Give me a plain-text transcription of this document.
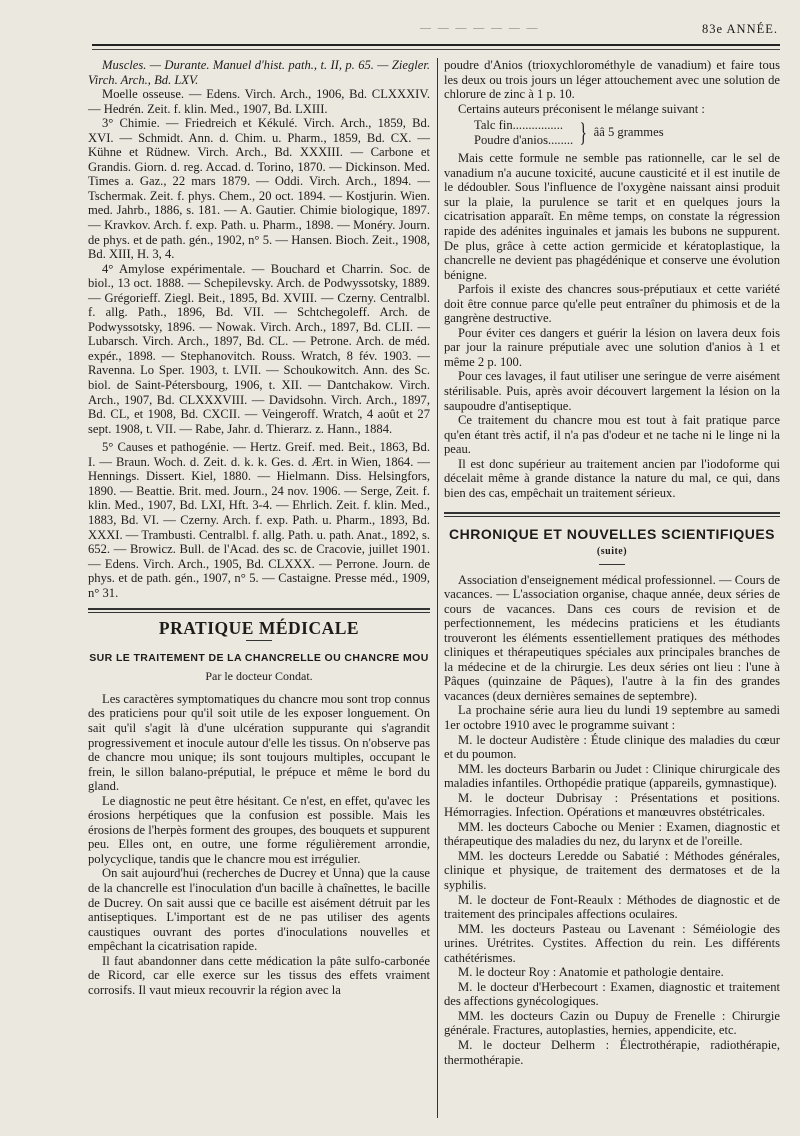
— — — — — — —	83e ANNÉE.

Muscles. — Durante. Manuel d'hist. path., t. II, p. 65. — Ziegler. Virch. Arch., Bd. LXV.

Moelle osseuse. — Edens. Virch. Arch., 1906, Bd. CLXXXIV. — Hedrén. Zeit. f. klin. Med., 1907, Bd. LXIII.

3° Chimie. — Friedreich et Kékulé. Virch. Arch., 1859, Bd. XVI. — Schmidt. Ann. d. Chim. u. Pharm., 1859, Bd. CX. — Kühne et Rüdnew. Virch. Arch., Bd. XXXIII. — Carbone et Grandis. Giorn. d. reg. Accad. d. Torino, 1870. — Dickinson. Med. Times a. Gaz., 22 mars 1879. — Oddi. Virch. Arch., 1894. — Tschermak. Zeit. f. phys. Chem., 20 oct. 1894. — Kostjurin. Wien. med. Jahrb., 1886, s. 181. — A. Gautier. Chimie biologique, 1897. — Kravkov. Arch. f. exp. Path. u. Pharm., 1898. — Monéry. Journ. de phys. et de path. gén., 1902, n° 5. — Hansen. Bioch. Zeit., 1908, Bd. XIII, H. 3, 4.

4° Amylose expérimentale. — Bouchard et Charrin. Soc. de biol., 13 oct. 1888. — Schepilevsky. Arch. de Podwyssotsky, 1889. — Grégorieff. Ziegl. Beit., 1895, Bd. XVIII. — Czerny. Centralbl. f. allg. Path., 1896, Bd. VII. — Schtchegoleff. Arch. de Podwyssotsky, 1896. — Nowak. Virch. Arch., 1897, Bd. CLII. — Lubarsch. Virch. Arch., 1897, Bd. CL. — Petrone. Arch. de méd. expér., 1898. — Stephanovitch. Rouss. Wratch, 8 fév. 1903. — Ravenna. Lo Sper. 1903, t. LVII. — Schoukowitch. Ann. des Sc. biol. de Saint-Pétersbourg, 1906, t. XII. — Dantchakow. Virch. Arch., 1907, Bd. CLXXXVIII. — Davidsohn. Virch. Arch., 1897, Bd. CL, et 1908, Bd. CXCII. — Veingeroff. Wratch, 4 août et 27 sept. 1908, t. VII. — Rabe, Jahr. d. Thierarz. z. Hann., 1884.

5° Causes et pathogénie. — Hertz. Greif. med. Beit., 1863, Bd. I. — Braun. Woch. d. Zeit. d. k. k. Ges. d. Ært. in Wien, 1864. — Hennings. Dissert. Kiel, 1880. — Hielmann. Diss. Helsingfors, 1890. — Beattie. Brit. med. Journ., 24 nov. 1906. — Serge, Zeit. f. klin. Med., 1907, Bd. LXI, Hft. 3-4. — Ehrlich. Zeit. f. klin. Med., 1883, Bd. VI. — Czerny. Arch. f. exp. Path. u. Pharm., 1893, Bd. XXXI. — Trambusti. Centralbl. f. allg. Path. u. path. Anat., 1892, s. 652. — Browicz. Bull. de l'Acad. des sc. de Cracovie, juillet 1901. — Edens. Virch. Arch., 1905, Bd. CLXXX. — Perrone. Journ. de phys. et de path. gén., 1907, n° 5. — Castaigne. Presse méd., 1909, n° 31.

PRATIQUE MÉDICALE
SUR LE TRAITEMENT DE LA CHANCRELLE OU CHANCRE MOU
Par le docteur Condat.

Les caractères symptomatiques du chancre mou sont trop connus des praticiens pour qu'il soit utile de les exposer longuement. On sait qu'il s'agit là d'une ulcération suppurante qui s'agrandit progressivement et inocule autour d'elle les tissus. On n'observe pas de chancre mou unique; ils sont toujours multiples, occupant le frein, le sillon balano-préputial, le prépuce et même le bord du gland.

Le diagnostic ne peut être hésitant. Ce n'est, en effet, qu'avec les érosions herpétiques que la confusion est possible. Mais les érosions de l'herpès forment des groupes, des bouquets et suppurent peu. Elles ont, en outre, une forme régulièrement arrondie, polycyclique, tandis que le chancre mou est irrégulier.

On sait aujourd'hui (recherches de Ducrey et Unna) que la cause de la chancrelle est l'inoculation d'un bacille à chaînettes, le bacille de Ducrey. On sait aussi que ce bacille est aisément détruit par les antiseptiques. L'important est de ne pas utiliser des agents caustiques ouvrant des portes d'inoculations nouvelles et empêchant la cicatrisation rapide.

Il faut abandonner dans cette médication la pâte sulfo-carbonée de Ricord, car elle exerce sur les tissus des effets vraiment corrosifs. Il vaut mieux recouvrir la région avec la

poudre d'Anios (trioxychlorométhyle de vanadium) et faire tous les deux ou trois jours un léger attouchement avec une solution de chlorure de zinc à 1 p. 10.

Certains auteurs préconisent le mélange suivant :

Talc fin................
Poudre d'anios........ } ââ 5 grammes

Mais cette formule ne semble pas rationnelle, car le sel de vanadium n'a aucune toxicité, aucune causticité et il est inutile de le dédoubler. Sous l'influence de l'oxygène naissant ainsi produit sur la plaie, la purulence se tarit et en quelques jours la cicatrisation apparaît. En même temps, on constate la régression rapide des adénites inguinales et jamais les bubons ne suppurent. De plus, grâce à cette action germicide et kératoplastique, la chancrelle ne devient pas phagédénique et conserve une évolution bénigne.

Parfois il existe des chancres sous-préputiaux et cette variété doit être connue parce qu'elle peut entraîner du phimosis et de la gangrène destructive.

Pour éviter ces dangers et guérir la lésion on lavera deux fois par jour la rainure préputiale avec une solution d'anios à 1 et même 2 p. 100.

Pour ces lavages, il faut utiliser une seringue de verre aisément stérilisable. Puis, après avoir découvert largement la lésion on la saupoudre d'antiseptique.

Ce traitement du chancre mou est tout à fait pratique parce qu'en étant très actif, il n'a pas d'odeur et ne tache ni le linge ni la peau.

Il est donc supérieur au traitement ancien par l'iodoforme qui décelait même à grande distance la nature du mal, ce qui, dans bien des cas, empêchait un traitement sérieux.

CHRONIQUE ET NOUVELLES SCIENTIFIQUES
(suite)

Association d'enseignement médical professionnel. — Cours de vacances. — L'association organise, chaque année, deux séries de cours de vacances. Dans ces cours de revision et de perfectionnement, les médecins praticiens et les étudiants trouveront les éléments essentiellement pratiques des méthodes cliniques et thérapeutiques spéciales aux principales branches de la médecine et de la chirurgie. Les deux séries ont lieu : l'une à Pâques (quinzaine de Pâques), l'autre à la fin des grandes vacances (deux dernières semaines de septembre).

La prochaine série aura lieu du lundi 19 septembre au samedi 1er octobre 1910 avec le programme suivant :

M. le docteur Audistère : Étude clinique des maladies du cœur et du poumon.

MM. les docteurs Barbarin ou Judet : Clinique chirurgicale des maladies infantiles. Orthopédie pratique (appareils, gymnastique).

M. le docteur Dubrisay : Présentations et positions. Hémorragies. Infection. Opérations et manœuvres obstétricales.

MM. les docteurs Caboche ou Menier : Examen, diagnostic et thérapeutique des maladies du nez, du larynx et de l'oreille.

MM. les docteurs Leredde ou Sabatié : Méthodes générales, clinique et physique, de traitement des dermatoses et de la syphilis.

M. le docteur de Font-Reaulx : Méthodes de diagnostic et de traitement des principales affections oculaires.

MM. les docteurs Pasteau ou Lavenant : Séméiologie des urines. Urétrites. Cystites. Affection du rein. Les différents cathétérismes.

M. le docteur Roy : Anatomie et pathologie dentaire.

M. le docteur d'Herbecourt : Examen, diagnostic et traitement des affections gynécologiques.

MM. les docteurs Cazin ou Dupuy de Frenelle : Chirurgie générale. Fractures, autoplasties, hernies, appendicite, etc.

M. le docteur Delherm : Électrothérapie, radiothérapie, thermothérapie.
